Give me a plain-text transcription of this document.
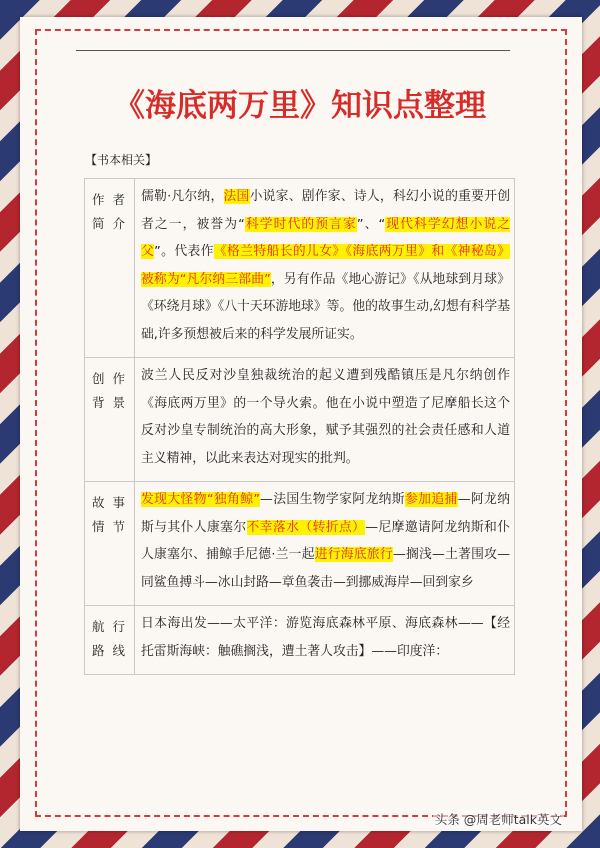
《海底两万里》知识点整理
【书本相关】
作者
简介	儒勒·凡尔纳，法国小说家、剧作家、诗人，科幻小说的重要开创者之一，被誉为“科学时代的预言家”、“现代科学幻想小说之父”。代表作《格兰特船长的儿女》《海底两万里》和《神秘岛》被称为“凡尔纳三部曲”，另有作品《地心游记》《从地球到月球》《环绕月球》《八十天环游地球》等。他的故事生动,幻想有科学基础,许多预想被后来的科学发展所证实。

创作
背景	波兰人民反对沙皇独裁统治的起义遭到残酷镇压是凡尔纳创作《海底两万里》的一个导火索。他在小说中塑造了尼摩船长这个反对沙皇专制统治的高大形象，赋予其强烈的社会责任感和人道主义精神，以此来表达对现实的批判。

故事
情节	发现大怪物“独角鲸”—法国生物学家阿龙纳斯参加追捕—阿龙纳斯与其仆人康塞尔不幸落水（转折点）—尼摩邀请阿龙纳斯和仆人康塞尔、捕鲸手尼德·兰一起进行海底旅行—搁浅—土著围攻—同鲨鱼搏斗—冰山封路—章鱼袭击—到挪威海岸—回到家乡

航行
路线	日本海出发——太平洋：游览海底森林平原、海底森林——【经托雷斯海峡：触礁搁浅，遭土著人攻击】——印度洋：
头条 @周老师talk英文
